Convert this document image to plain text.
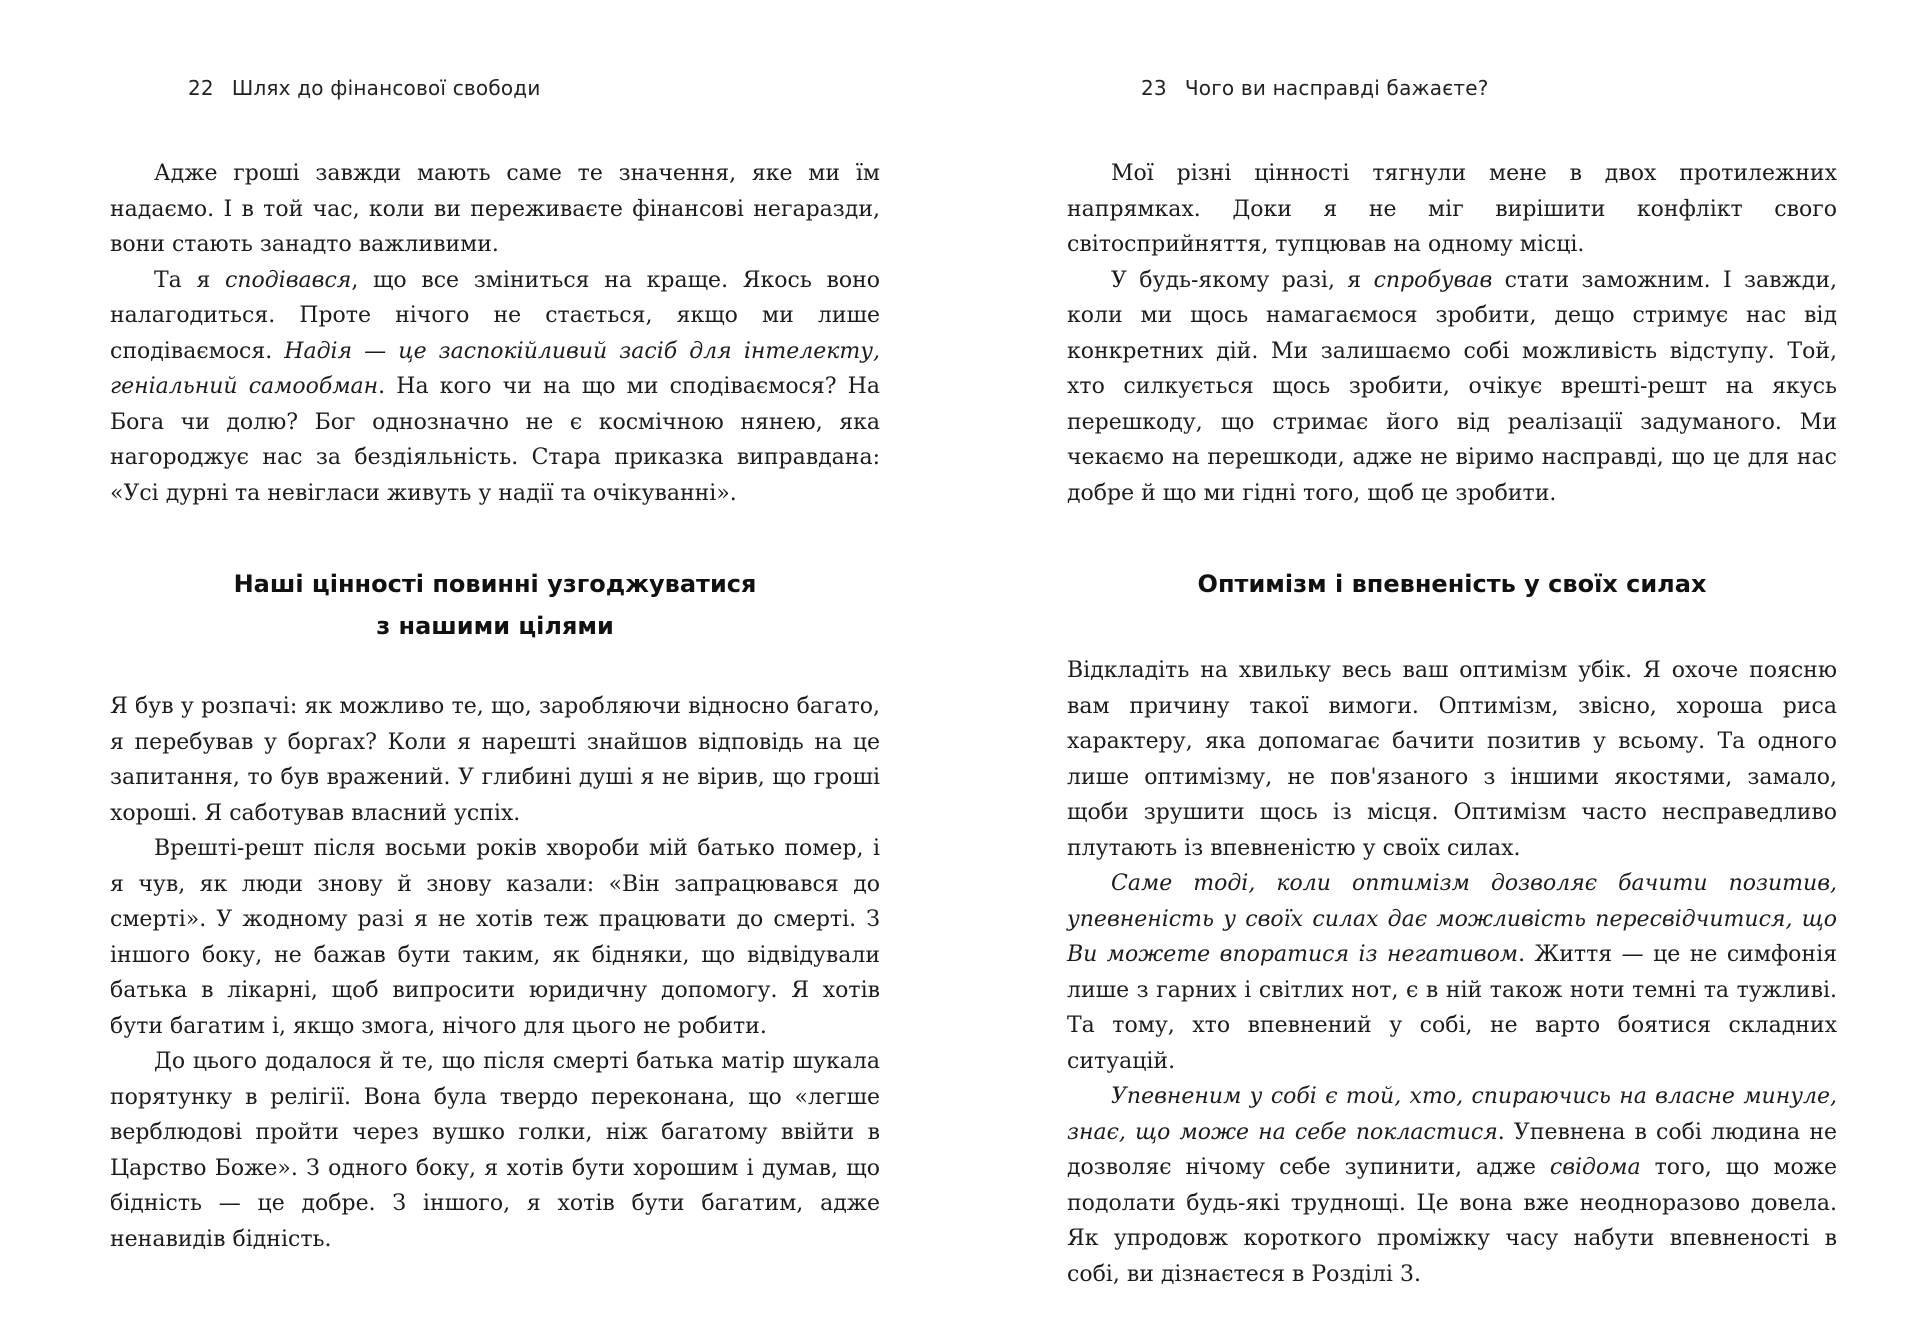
22 Шлях до фінансової свободи

Адже гроші завжди мають саме те значення, яке ми їм надаємо. І в той час, коли ви переживаєте фінансові негаразди, вони стають занадто важливими.

Та я сподівався, що все зміниться на краще. Якось воно налагодиться. Проте нічого не стається, якщо ми лише сподіваємося. Надія — це заспокійливий засіб для інтелекту, геніальний самообман. На кого чи на що ми сподіваємося? На Бога чи долю? Бог однозначно не є космічною нянею, яка нагороджує нас за бездіяльність. Стара приказка виправдана: «Усі дурні та невіглаcи живуть у надії та очікуванні».

Наші цінності повинні узгоджуватися
з нашими цілями

Я був у розпачі: як можливо те, що, заробляючи відносно багато, я перебував у боргах? Коли я нарешті знайшов відповідь на це запитання, то був вражений. У глибині душі я не вірив, що гроші хороші. Я саботував власний успіх.

Врешті-решт після восьми років хвороби мій батько помер, і я чув, як люди знову й знову казали: «Він запрацювався до смерті». У жодному разі я не хотів теж працювати до смерті. З іншого боку, не бажав бути таким, як бідняки, що відвідували батька в лікарні, щоб випросити юридичну допомогу. Я хотів бути багатим і, якщо змога, нічого для цього не робити.

До цього додалося й те, що після смерті батька матір шукала порятунку в релігії. Вона була твердо переконана, що «легше верблюдові пройти через вушко голки, ніж багатому ввійти в Царство Боже». З одного боку, я хотів бути хорошим і думав, що бідність — це добре. З іншого, я хотів бути багатим, адже ненавидів бідність.

23 Чого ви насправді бажаєте?

Мої різні цінності тягнули мене в двох протилежних напрямках. Доки я не міг вирішити конфлікт свого світосприйняття, тупцював на одному місці.

У будь-якому разі, я спробував стати заможним. І завжди, коли ми щось намагаємося зробити, дещо стримує нас від конкретних дій. Ми залишаємо собі можливість відступу. Той, хто силкується щось зробити, очікує врешті-решт на якусь перешкоду, що стримає його від реалізації задуманого. Ми чекаємо на перешкоди, адже не віримо насправді, що це для нас добре й що ми гідні того, щоб це зробити.

Оптимізм і впевненість у своїх силах

Відкладіть на хвильку весь ваш оптимізм убік. Я охоче поясню вам причину такої вимоги. Оптимізм, звісно, хороша риса характеру, яка допомагає бачити позитив у всьому. Та одного лише оптимізму, не пов'язаного з іншими якостями, замало, щоби зрушити щось із місця. Оптимізм часто несправедливо плутають із впевненістю у своїх силах.

Саме тоді, коли оптимізм дозволяє бачити позитив, упевненість у своїх силах дає можливість пересвідчитися, що Ви можете впоратися із негативом. Життя — це не симфонія лише з гарних і світлих нот, є в ній також ноти темні та тужливі. Та тому, хто впевнений у собі, не варто боятися складних ситуацій.

Упевненим у собі є той, хто, спираючись на власне минуле, знає, що може на себе покластися. Упевнена в собі людина не дозволяє нічому себе зупинити, адже свідома того, що може подолати будь-які труднощі. Це вона вже неодноразово довела. Як упродовж короткого проміжку часу набути впевненості в собі, ви дізнаєтеся в Розділі 3.
